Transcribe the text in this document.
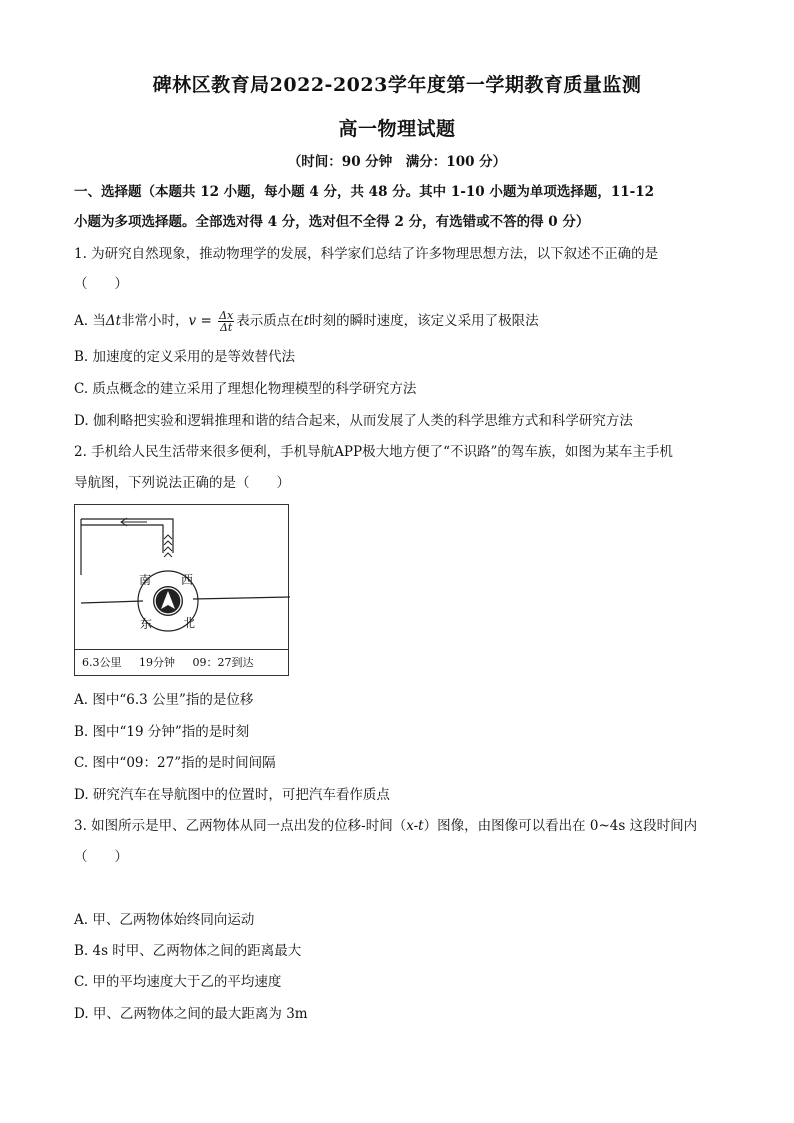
碑林区教育局2022-2023学年度第一学期教育质量监测
高一物理试题
（时间：90 分钟　满分：100 分）
一、选择题（本题共 12 小题，每小题 4 分，共 48 分。其中 1-10 小题为单项选择题，11-12
小题为多项选择题。全部选对得 4 分，选对但不全得 2 分，有选错或不答的得 0 分）
1. 为研究自然现象，推动物理学的发展，科学家们总结了许多物理思想方法，以下叙述不正确的是
（　　）
A. 当Δt非常小时，$v = \frac{\Delta x}{\Delta t}$ 表示质点在t时刻的瞬时速度，该定义采用了极限法
B. 加速度的定义采用的是等效替代法
C. 质点概念的建立采用了理想化物理模型的科学研究方法
D. 伽利略把实验和逻辑推理和谐的结合起来，从而发展了人类的科学思维方式和科学研究方法
2. 手机给人民生活带来很多便利，手机导航APP极大地方便了“不识路”的驾车族，如图为某车主手机
导航图，下列说法正确的是（　　）
南 西
东	北
6.3公里 19分钟 09：27到达
A. 图中“6.3 公里”指的是位移
B. 图中“19 分钟”指的是时刻
C. 图中“09：27”指的是时间间隔
D. 研究汽车在导航图中的位置时，可把汽车看作质点
3. 如图所示是甲、乙两物体从同一点出发的位移-时间（x-t）图像，由图像可以看出在 0~4s 这段时间内
（　　）
A. 甲、乙两物体始终同向运动
B. 4s 时甲、乙两物体之间的距离最大
C. 甲的平均速度大于乙的平均速度
D. 甲、乙两物体之间的最大距离为 3m
